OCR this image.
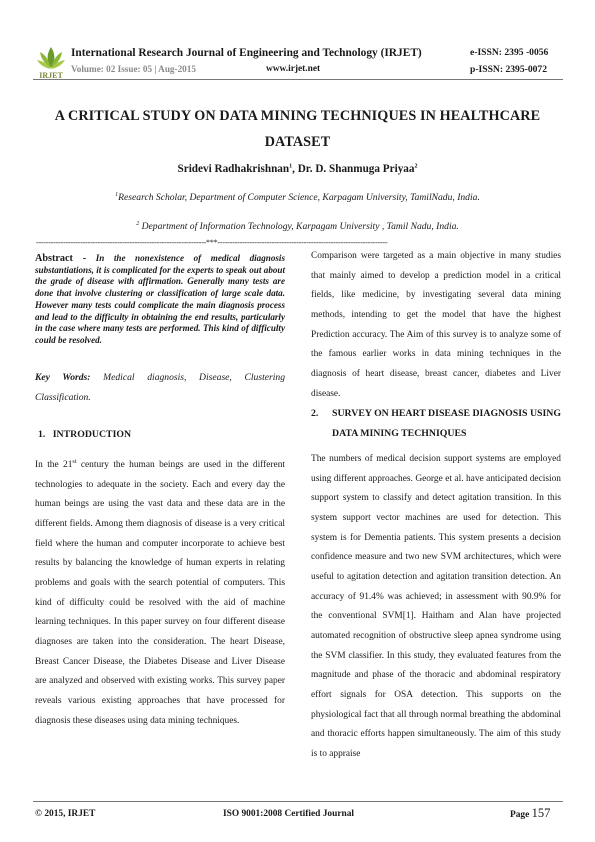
IRJET
International Research Journal of Engineering and Technology (IRJET)
Volume: 02 Issue: 05 | Aug-2015	www.irjet.net
e-ISSN: 2395 -0056
p-ISSN: 2395-0072
A CRITICAL STUDY ON DATA MINING TECHNIQUES IN HEALTHCARE DATASET
Sridevi Radhakrishnan$^1$, Dr. D. Shanmuga Priyaa$^2$
$^1$Research Scholar, Department of Computer Science, Karpagam University, TamilNadu, India.
$^2$ Department of Information Technology, Karpagam University , Tamil Nadu, India.
---------------------------------------------------------------------***---------------------------------------------------------------------
Abstract - In the nonexistence of medical diagnosis substantiations, it is complicated for the experts to speak out about the grade of disease with affirmation. Generally many tests are done that involve clustering or classification of large scale data. However many tests could complicate the main diagnosis process and lead to the difficulty in obtaining the end results, particularly in the case where many tests are performed. This kind of difficulty could be resolved.
Key Words: Medical diagnosis, Disease, Clustering Classification.
1.   INTRODUCTION
In the 21st century the human beings are used in the different technologies to adequate in the society. Each and every day the human beings are using the vast data and these data are in the different fields. Among them diagnosis of disease is a very critical field where the human and computer incorporate to achieve best results by balancing the knowledge of human experts in relating problems and goals with the search potential of computers. This kind of difficulty could be resolved with the aid of machine learning techniques. In this paper survey on four different disease diagnoses are taken into the consideration. The heart Disease, Breast Cancer Disease, the Diabetes Disease and Liver Disease are analyzed and observed with existing works. This survey paper reveals various existing approaches that have processed for diagnosis these diseases using data mining techniques.
Comparison were targeted as a main objective in many studies that mainly aimed to develop a prediction model in a critical fields, like medicine, by investigating several data mining methods, intending to get the model that have the highest Prediction accuracy. The Aim of this survey is to analyze some of the famous earlier works in data mining techniques in the diagnosis of heart disease, breast cancer, diabetes and Liver disease.
2. SURVEY ON HEART DISEASE DIAGNOSIS USING DATA MINING TECHNIQUES
The numbers of medical decision support systems are employed using different approaches. George et al. have anticipated decision support system to classify and detect agitation transition. In this system support vector machines are used for detection. This system is for Dementia patients. This system presents a decision confidence measure and two new SVM architectures, which were useful to agitation detection and agitation transition detection. An accuracy of 91.4% was achieved; in assessment with 90.9% for the conventional SVM[1]. Haitham and Alan have projected automated recognition of obstructive sleep apnea syndrome using the SVM classifier. In this study, they evaluated features from the magnitude and phase of the thoracic and abdominal respiratory effort signals for OSA detection. This supports on the physiological fact that all through normal breathing the abdominal and thoracic efforts happen simultaneously. The aim of this study is to appraise
© 2015, IRJET	ISO 9001:2008 Certified Journal	Page 157
